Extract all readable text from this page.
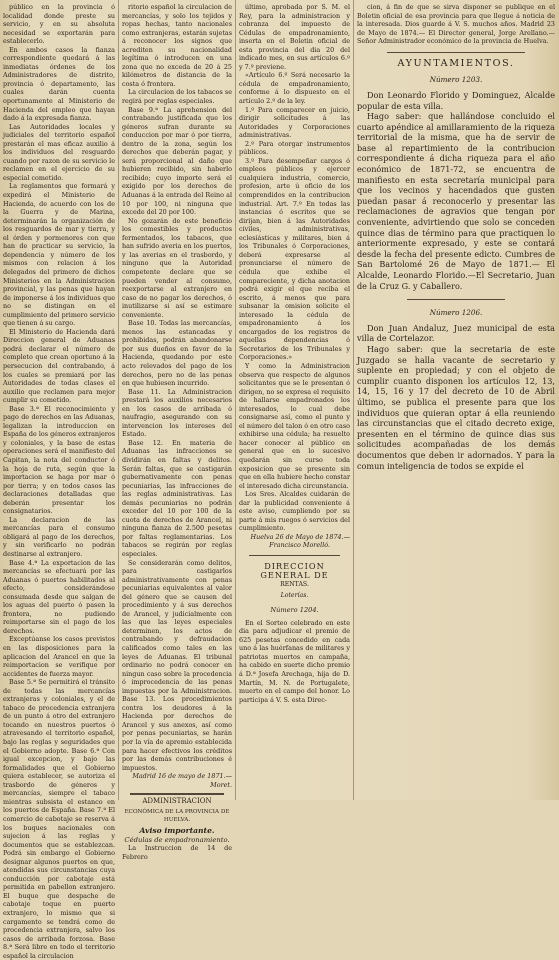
público en la provincia ó localidad donde preste su servicio, y en su absoluta necesidad se exportarán para establecerlo.

En ambos casos la fianza correspondiente quedará á las inmediatas órdenes de los Administradores de distrito, provincia ó departamento, las cuales darán cuenta oportunamente al Ministerio de Hacienda del empleo que hayan dado á la expresada fianza.

Las Autoridades locales y judiciales del territorio español prestarán el mas eficaz auxilio á los individuos del resguardo cuando por razon de su servicio le reclamen en el ejercicio de su especial cometido.

La reglamentos que formará y expedirá el Ministerio de Hacienda, de acuerdo con los de la Guerra y de Marina, determinarán la organización de los resguardos de mar y tierra, y el órden y pormenores con que han de practicar su servicio, la dependencia y número de los mismos con relacion á los delegados del primero de dichos Ministerios en la Administracion provincial, y las penas que hayan de imponerse á los individuos que no se distingan en el cumplimiento del primero servicio que tienen á su cargo.

El Ministerio de Hacienda dará Direccion general de Aduanas podrá declarar el número de completo que crean oportuno á la persecucion del contrabando, á los cuales se premiará por las Autoridades de todas clases el auxilio que reclamen para mejor cumplir su cometido.

Base 3.ª El reconocimiento y pago de derechos en las Aduanas, legalizan la introduccion en España de los géneros extranjeros y coloniales, y la base de estas operaciones será el manifiesto del Capitan, la nota del conductor ó la hoja de ruta, según que la importacion se haga por mar ó por tierra; y en todos casos las declaraciones detalladas que deberán presentar los consignatarios.

La declaracion de las mercancías para el consumo obligará al pago de los derechos, y sin verificarlo no podrán destinarse al extranjero.

Base 4.ª La exportacion de las mercancías se efectuará por las Aduanas ó puertos habilitados al efecto, considerándose consumada desde que salgan de los aguas del puerto ó pasen la frontera, no pudiendo reimportarse sin el pago de los derechos.

Exceptúanse los casos previstos en las disposiciones para la aplicacion del Arancel en que la reimportacion se verifique por accidentes de fuerza mayor.

Base 5.ª Se permitirá el tránsito de todas las mercancías extranjeras y coloniales, y el de tabaco de procedencia extranjera de un punto á otro del extranjero tocando en nuestros puertos ó atravesando el territorio español, bajo las reglas y seguridades que el Gobierno adopte. Base 6.ª Con igual excepcion, y bajo las formalidades que el Gobierno quiera establecer, se autoriza el trasbordo de géneros y mercancías, siempre el tabaco mientras subsista el estanco en los puertos de España. Base 7.ª El comercio de cabotaje se reserva á los buques nacionales con sujecion á las reglas y documentos que se establezcan. Podrá sin embargo el Gobierno designar algunos puertos en que, atendidas sus circunstancias cuya conducción por cabotaje está permitida en pabellon extranjero. El buque que despache de cabotaje toque en puerto extranjero, lo mismo que si cargamento se tendrá como de procedencia extranjera, salvo los casos de arribada forzosa. Base 8.ª Será libre en todo el territorio español la circulacion

ritorio español la circulacion de mercancías, y solo los tejidos y ropas hechas, tanto nacionales como extranjeras, estarán sujetas á reconocer los signos que acrediten su nacionalidad legítima ó introducen en una zona que no exceda de 20 á 25 kilómetros de distancia de la costa ó frontera.

La circulacion de los tabacos se regirá por reglas especiales.

Base 9.ª La aprehension del contrabando justificada que los géneros sufran durante su conduccion por mar ó por tierra, dentro de la zona, según los derechos que deberán pagar, y será proporcional al daño que hubieren recibido, sin haberlo recibido; cuyo importe será el exigido por los derechos de Aduanas á la entrada del Reino al 10 por 100, ni ninguna que excede del 20 por 100.

No gozarán de este beneficio los comestibles y productos fermentados, los tabacos, que han sufrido averia en los puertos, y las averias en el trasbordo, y ninguno que la Autoridad competente declare que se pueden vender al consumo, reexportarse al extranjero en caso de no pagar los derechos, ó inutilizarse si así se estimare conveniente.

Base 10. Todas las mercancías, menos las estancadas y prohibidas, podrán abandonarse por sus dueños en favor de la Hacienda, quedando por este acto relevados del pago de los derechos, pero no de las penas en que hubiesen incurrido.

Base 11. La Administracion prestará los auxilios necesarios en los casos de arribada ó naufragio, asegurando con su intervencion los intereses del Estado.

Base 12. En materia de Aduanas las infracciones se dividirán en faltas y delitos. Serán faltas, que se castigarán gubernativamente con penas pecuniarias, las infracciones de las reglas administrativas. Las demás pecuniarias no podrán exceder del 10 por 100 de la cuota de derechos de Arancel, ni ninguna fianza de 2.500 pesetas por faltas reglamentarias. Los tabacos se regirán por reglas especiales.

Se considerarán como delitos, para castigarlos administrativamente con penas pecuniarias equivalentes al valor del género que se causen del procedimiento y á sus derechos de Arancel, y judicialmente con las que las leyes especiales determinen, los actos de contrabando y defraudacion calificados como tales en las leyes de Aduanas. El tribunal ordinario no podrá conocer en ningun caso sobre la procedencia ó improcedencia de las penas impuestas por la Administracion. Base 13. Los procedimientos contra los deudores á la Hacienda por derechos de Arancel y sus anexos, así como por penas pecuniarias, se harán por la vía de apremio establecida para hacer efectivos los créditos por las demás contribuciones é impuestos.

Madrid 16 de mayo de 1871.—Moret.

ADMINISTRACION
ECONÓMICA DE LA PROVINCIA DE HUELVA.
Aviso importante.
Cédulas de empadronamiento.

La Instruccion de 14 de Febrero

último, aprobada por S. M. el Rey, para la administracion y cobranza del impuesto de Cédulas de empadronamiento, inserta en el Boletin oficial de esta provincia del dia 20 del indicado mes, en sus artículos 6.º y 7.º previene.

«Artículo 6.º Será necesario la cédula de empadronamiento, conforme á lo dispuesto en el artículo 2.º de la ley.

1.º Para comparecer en juicio, dirigir solicitudes á las Autoridades y Corporaciones administrativas.

2.º Para otorgar instrumentos públicos.

3.º Para desempeñar cargos ó empleos públicos y ejercer cualquiera industria, comercio, profesion, arte ú oficio de los comprendidos en la contribucion industrial. Art. 7.º En todas las instancias ó escritos que se dirijan, bien á las Autoridades civiles, administrativas, eclesiásticas y militares, bien á los Tribunales ó Corporaciones, deberá expresarse al pronunciarse el número de cédula que exhibe el compareciente, y dicha anotacion podrá exigir el que reciba el escrito, á menos que para subsanar la omision solicite el interesado la cédula de empadronamiento á los encargados de los registros de aquellas dependencias ó Secretarios de los Tribunales y Corporaciones.»

Y como la Administracion observa que respecto de algunos solicitantes que se le presentan ó dirigen, no se expresa el requisito de hallarse empadronados los interesados, lo cual debe consignarse así, como el punto y el número del talon ó en otro caso exhibirse una cédula; ha resuelto hacer conocer al público en general que en lo sucesivo quedarán sin curso toda exposicion que se presente sin que en ella hubiere hecho constar el interesado dicha circunstancia.

Los Sres. Alcaldes cuidarán de dar la publicidad conveniente á este aviso, cumpliendo por su parte á mis ruegos ó servicios del cumplimiento.

Huelva 26 de Mayo de 1874.—

Francisco Morelló.
DIRECCION GENERAL DE
RENTAS.
Loterías.
Número 1204.

En el Sorteo celebrado en este dia para adjudicar el premio de 625 pesetas concedido en cada uno á las huérfanas de militares y patriotas muertos en campaña, ha cabido en suerte dicho premio á D.ª Josefa Arechaga, hija de D. Martín, M. N. de Portugalete, muerto en el campo del honor. Lo participa á V. S. esta Direc-

cion, á fin de que se sirva disponer se publique en el Boletin oficial de esa provincia para que llegue á noticia de la interesada. Dios guarde á V. S. muchos años. Madrid 23 de Mayo de 1874.— El Director general, Jorge Arellano.—Señor Administrador económico de la provincia de Huelva.

AYUNTAMIENTOS.
Número 1203.

Don Leonardo Florido y Dominguez, Alcalde popular de esta villa.

Hago saber: que hallándose concluido el cuarto apéndice al amillaramiento de la riqueza territorial de la misma, que ha de servir de base al repartimiento de la contribucion correspondiente á dicha riqueza para el año económico de 1871-72, se encuentra de manifiesto en esta secretaría municipal para que los vecinos y hacendados que gusten puedan pasar á reconocerlo y presentar las reclamaciones de agravios que tengan por conveniente, advirtiendo que solo se conceden quince dias de término para que practiquen lo anteriormente expresado, y este se contará desde la fecha del presente edicto. Cumbres de San Bartolomé 26 de Mayo de 1871.— El Alcalde, Leonardo Florido.—El Secretario, Juan de la Cruz G. y Caballero.

Número 1206.

Don Juan Andaluz, Juez municipal de esta villa de Cortelazor.

Hago saber: que la secretaria de este Juzgado se halla vacante de secretario y suplente en propiedad; y con el objeto de cumplir cuanto disponen los artículos 12, 13, 14, 15, 16 y 17 del decreto de 10 de Abril último, se publica el presente para que los individuos que quieran optar á ella reuniendo las circunstancias que el citado decreto exige, presenten en el término de quince dias sus solicitudes acompañadas de los demás documentos que deben ir adornados. Y para la comun inteligencia de todos se expide el
